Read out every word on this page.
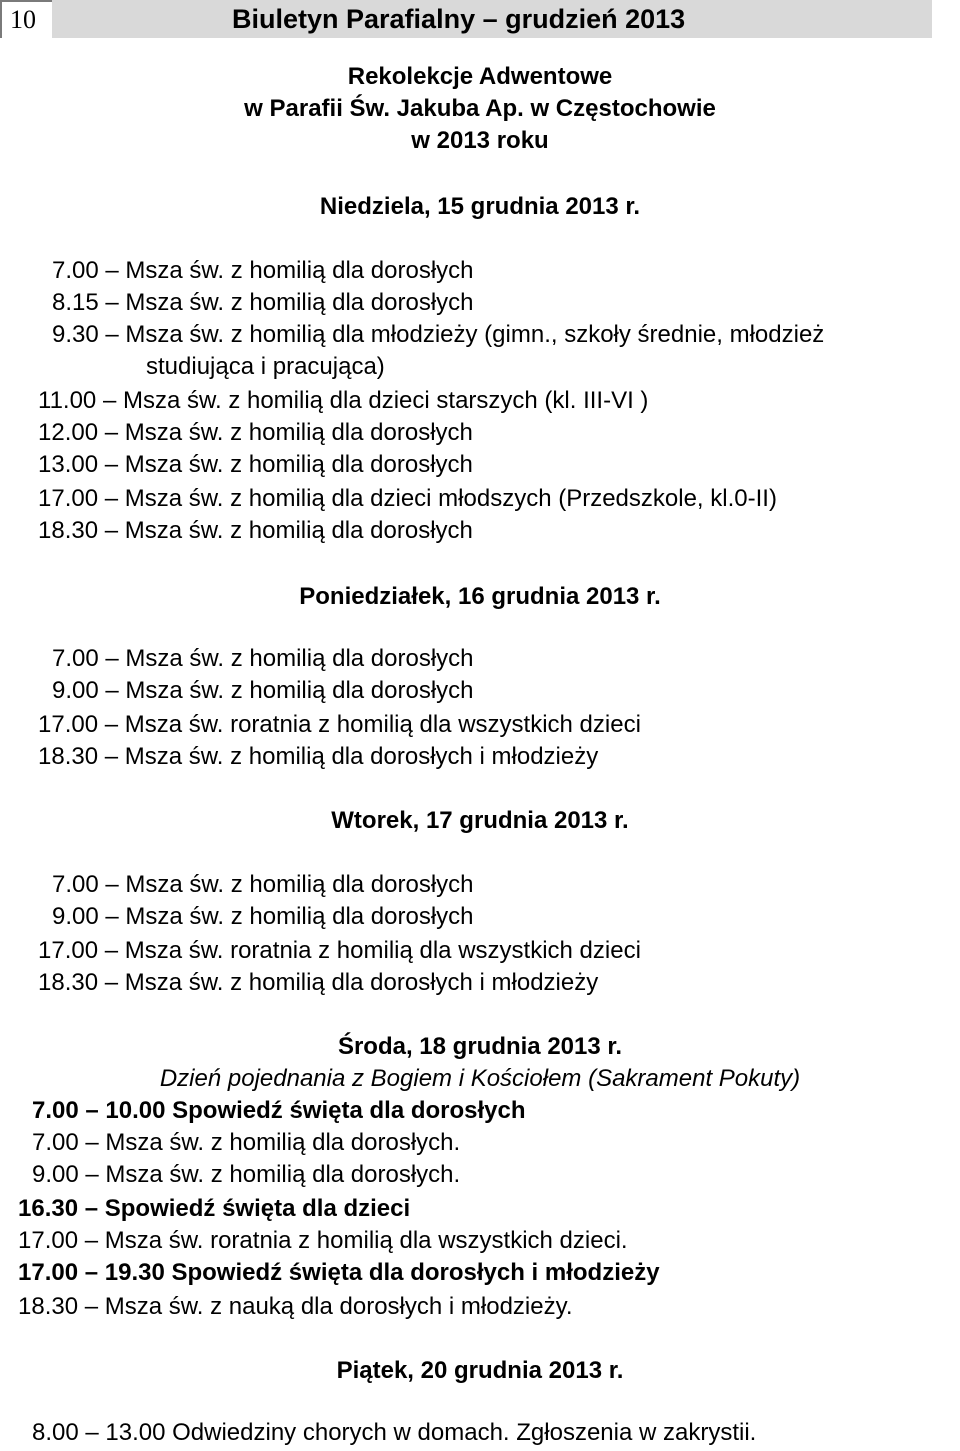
10	Biuletyn Parafialny – grudzień 2013
Rekolekcje Adwentowe
w Parafii Św. Jakuba Ap. w Częstochowie
w 2013 roku
Niedziela, 15 grudnia 2013 r.
7.00 – Msza św. z homilią dla dorosłych
8.15 – Msza św. z homilią dla dorosłych
9.30 – Msza św. z homilią dla młodzieży (gimn., szkoły średnie, młodzież
studiująca i pracująca)
11.00 – Msza św. z homilią dla dzieci starszych (kl. III-VI )
12.00 – Msza św. z homilią dla dorosłych
13.00 – Msza św. z homilią dla dorosłych
17.00 – Msza św. z homilią dla dzieci młodszych (Przedszkole, kl.0-II)
18.30 – Msza św. z homilią dla dorosłych
Poniedziałek, 16 grudnia 2013 r.
7.00 – Msza św. z homilią dla dorosłych
9.00 – Msza św. z homilią dla dorosłych
17.00 – Msza św. roratnia z homilią dla wszystkich dzieci
18.30 – Msza św. z homilią dla dorosłych i młodzieży
Wtorek, 17 grudnia 2013 r.
7.00 – Msza św. z homilią dla dorosłych
9.00 – Msza św. z homilią dla dorosłych
17.00 – Msza św. roratnia z homilią dla wszystkich dzieci
18.30 – Msza św. z homilią dla dorosłych i młodzieży
Środa, 18 grudnia 2013 r.
Dzień pojednania z Bogiem i Kościołem (Sakrament Pokuty)
7.00 – 10.00 Spowiedź święta dla dorosłych
7.00 – Msza św. z homilią dla dorosłych.
9.00 – Msza św. z homilią dla dorosłych.
16.30 – Spowiedź święta dla dzieci
17.00 – Msza św. roratnia z homilią dla wszystkich dzieci.
17.00 – 19.30 Spowiedź święta dla dorosłych i młodzieży
18.30 – Msza św. z nauką dla dorosłych i młodzieży.
Piątek, 20 grudnia 2013 r.
8.00 – 13.00 Odwiedziny chorych w domach. Zgłoszenia w zakrystii.
